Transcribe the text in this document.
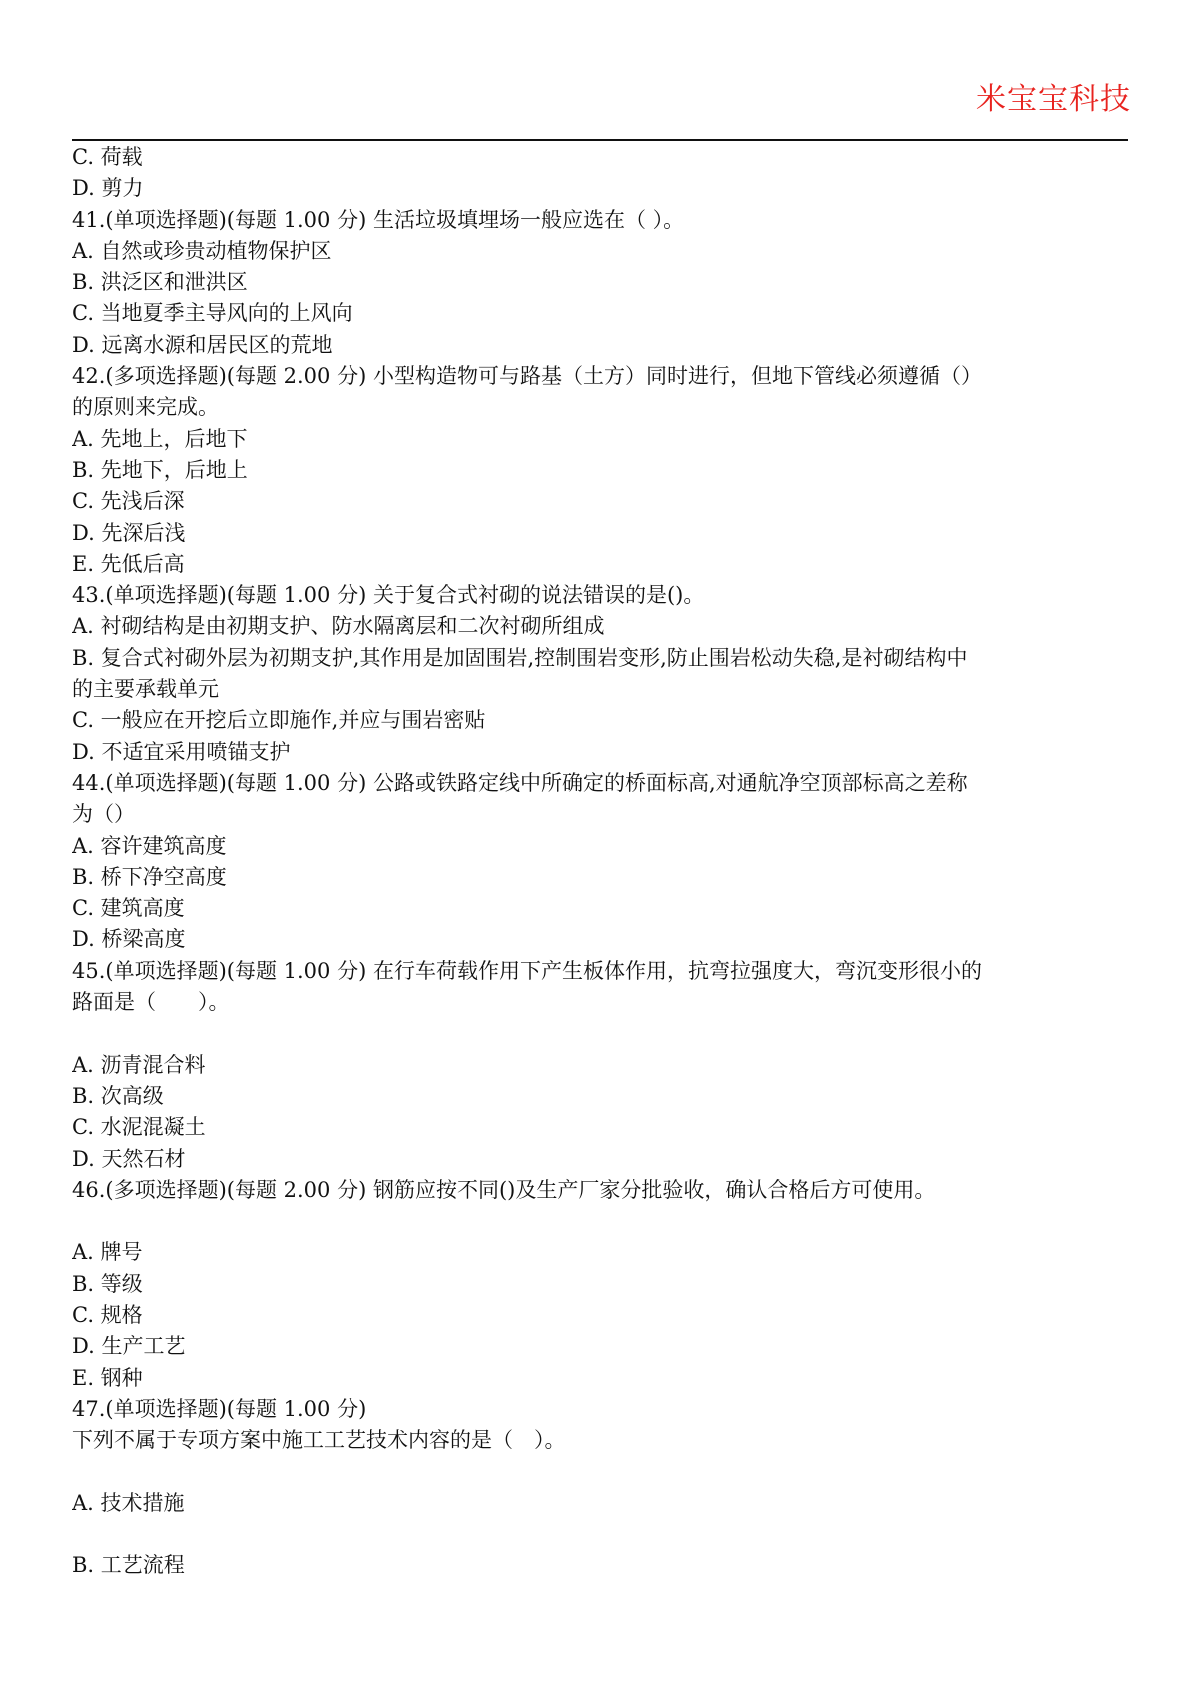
米宝宝科技
C. 荷载
D. 剪力
41.(单项选择题)(每题 1.00 分) 生活垃圾填埋场一般应选在（ ）。
A. 自然或珍贵动植物保护区
B. 洪泛区和泄洪区
C. 当地夏季主导风向的上风向
D. 远离水源和居民区的荒地
42.(多项选择题)(每题 2.00 分) 小型构造物可与路基（土方）同时进行，但地下管线必须遵循（）
的原则来完成。
A. 先地上，后地下
B. 先地下，后地上
C. 先浅后深
D. 先深后浅
E. 先低后高
43.(单项选择题)(每题 1.00 分) 关于复合式衬砌的说法错误的是()。
A. 衬砌结构是由初期支护、防水隔离层和二次衬砌所组成
B. 复合式衬砌外层为初期支护,其作用是加固围岩,控制围岩变形,防止围岩松动失稳,是衬砌结构中
的主要承载单元
C. 一般应在开挖后立即施作,并应与围岩密贴
D. 不适宜采用喷锚支护
44.(单项选择题)(每题 1.00 分) 公路或铁路定线中所确定的桥面标高,对通航净空顶部标高之差称
为（）
A. 容许建筑高度
B. 桥下净空高度
C. 建筑高度
D. 桥梁高度
45.(单项选择题)(每题 1.00 分) 在行车荷载作用下产生板体作用，抗弯拉强度大，弯沉变形很小的
路面是（　　）。
A. 沥青混合料
B. 次高级
C. 水泥混凝土
D. 天然石材
46.(多项选择题)(每题 2.00 分) 钢筋应按不同()及生产厂家分批验收，确认合格后方可使用。
A. 牌号
B. 等级
C. 规格
D. 生产工艺
E. 钢种
47.(单项选择题)(每题 1.00 分)
下列不属于专项方案中施工工艺技术内容的是（　）。
A. 技术措施
B. 工艺流程
